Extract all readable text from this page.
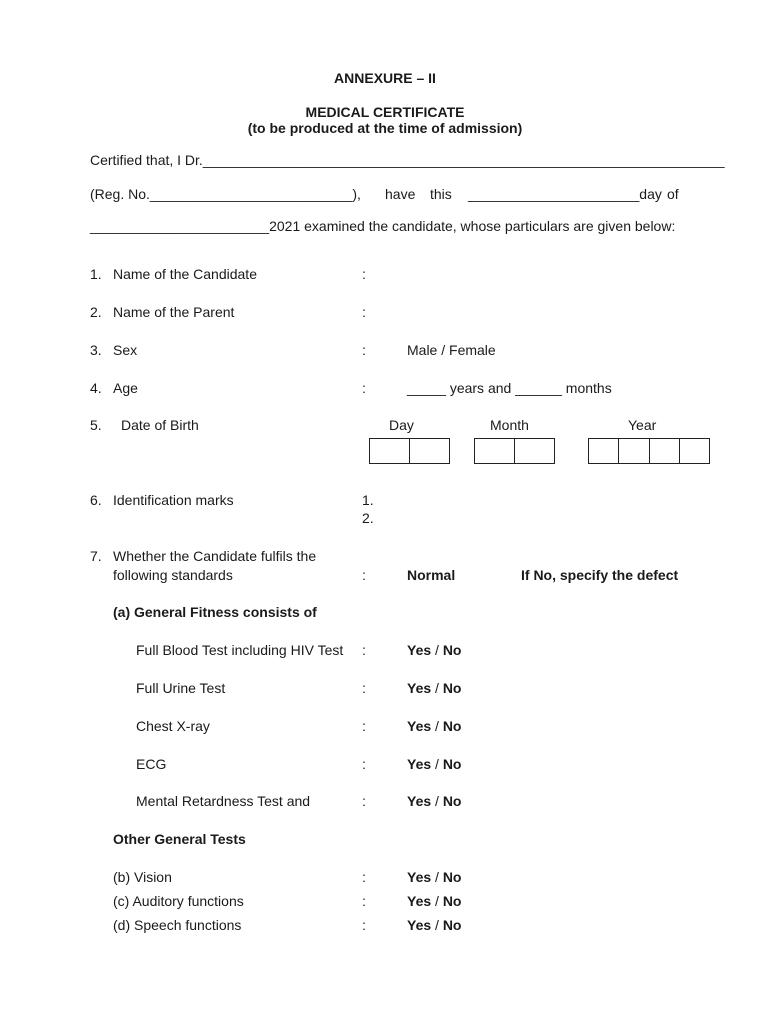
ANNEXURE – II
MEDICAL CERTIFICATE
(to be produced at the time of admission)
Certified that, I Dr.___________________________________________________________________
(Reg. No.__________________________), have this ______________________day of
_______________________2021 examined the candidate, whose particulars are given below:
1. Name of the Candidate	:
2. Name of the Parent	:
3. Sex	:	Male / Female
4. Age	:	_____ years and ______ months
5. Date of Birth	Day	Month	Year
6. Identification marks	1.
2.
7. Whether the Candidate fulfils the
following standards	:	Normal	If No, specify the defect
(a) General Fitness consists of
Full Blood Test including HIV Test :	Yes / No
Full Urine Test	:	Yes / No
Chest X-ray	:	Yes / No
ECG	:	Yes / No
Mental Retardness Test and	:	Yes / No
Other General Tests
(b) Vision	:	Yes / No
(c) Auditory functions	:	Yes / No
(d) Speech functions	:	Yes / No
